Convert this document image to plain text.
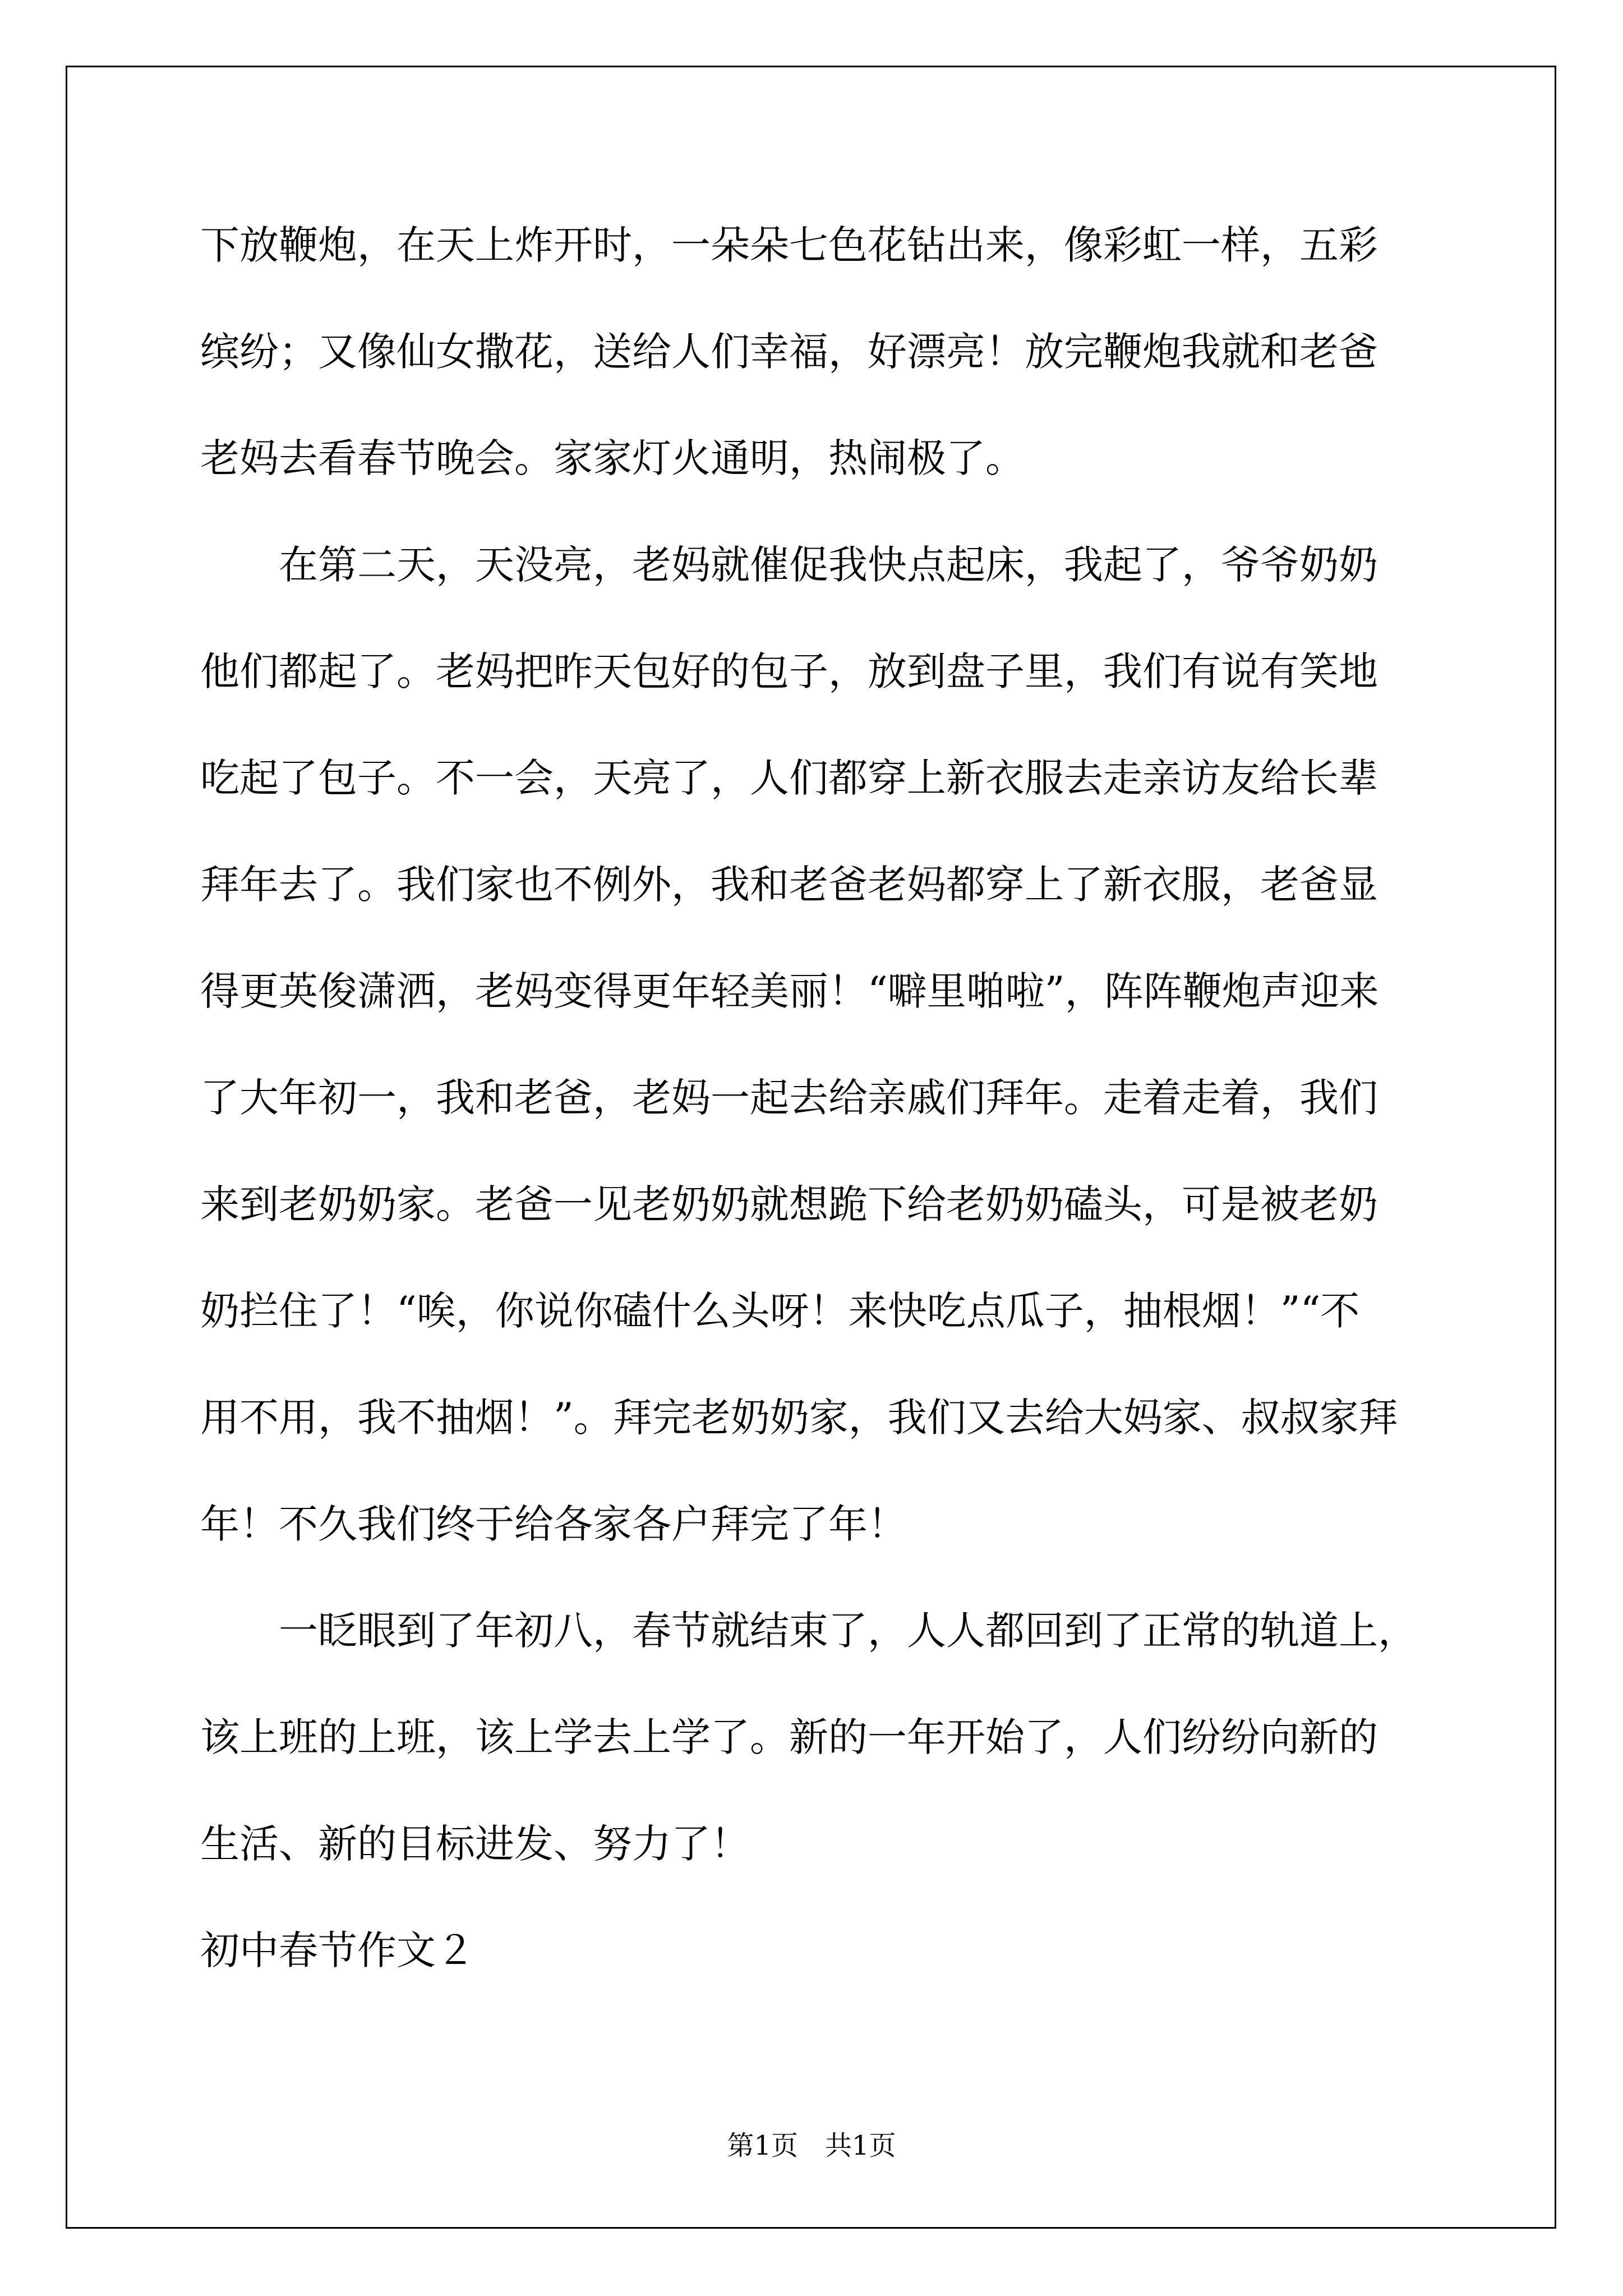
下放鞭炮，在天上炸开时，一朵朵七色花钻出来，像彩虹一样，五彩
缤纷；又像仙女撒花，送给人们幸福，好漂亮！放完鞭炮我就和老爸
老妈去看春节晚会。家家灯火通明，热闹极了。
　　在第二天，天没亮，老妈就催促我快点起床，我起了，爷爷奶奶
他们都起了。老妈把昨天包好的包子，放到盘子里，我们有说有笑地
吃起了包子。不一会，天亮了，人们都穿上新衣服去走亲访友给长辈
拜年去了。我们家也不例外，我和老爸老妈都穿上了新衣服，老爸显
得更英俊潇洒，老妈变得更年轻美丽！“噼里啪啦”，阵阵鞭炮声迎来
了大年初一，我和老爸，老妈一起去给亲戚们拜年。走着走着，我们
来到老奶奶家。老爸一见老奶奶就想跪下给老奶奶磕头，可是被老奶
奶拦住了！“唉，你说你磕什么头呀！来快吃点瓜子，抽根烟！”“不
用不用，我不抽烟！”。拜完老奶奶家，我们又去给大妈家、叔叔家拜
年！不久我们终于给各家各户拜完了年！
　　一眨眼到了年初八，春节就结束了，人人都回到了正常的轨道上，
该上班的上班，该上学去上学了。新的一年开始了，人们纷纷向新的
生活、新的目标进发、努力了！
初中春节作文２
第1页　共1页
